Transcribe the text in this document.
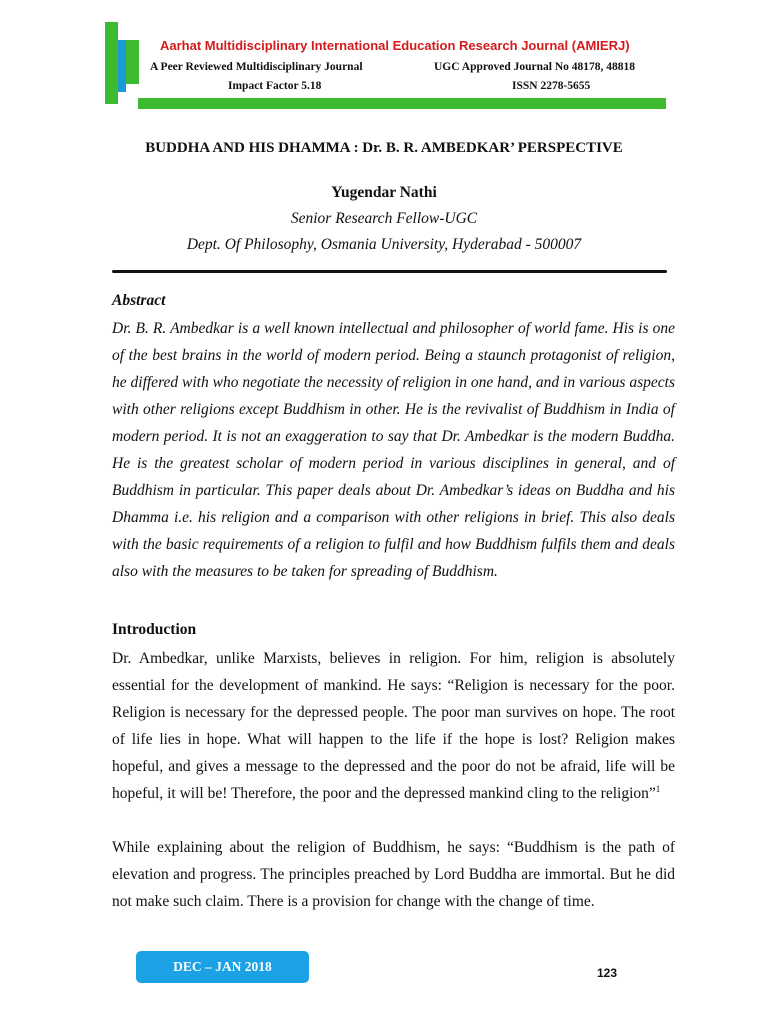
Aarhat Multidisciplinary International Education Research Journal (AMIERJ)
A Peer Reviewed Multidisciplinary Journal	UGC Approved Journal No 48178, 48818
Impact Factor 5.18	ISSN 2278-5655
BUDDHA AND HIS DHAMMA : Dr. B. R. AMBEDKAR’ PERSPECTIVE
Yugendar Nathi
Senior Research Fellow-UGC
Dept. Of Philosophy, Osmania University, Hyderabad - 500007
Abstract
Dr. B. R. Ambedkar is a well known intellectual and philosopher of world fame. His is one of the best brains in the world of modern period. Being a staunch protagonist of religion, he differed with who negotiate the necessity of religion in one hand, and in various aspects with other religions except Buddhism in other. He is the revivalist of Buddhism in India of modern period. It is not an exaggeration to say that Dr. Ambedkar is the modern Buddha. He is the greatest scholar of modern period in various disciplines in general, and of Buddhism in particular. This paper deals about Dr. Ambedkar’s ideas on Buddha and his Dhamma i.e. his religion and a comparison with other religions in brief. This also deals with the basic requirements of a religion to fulfil and how Buddhism fulfils them and deals also with the measures to be taken for spreading of Buddhism.
Introduction
Dr. Ambedkar, unlike Marxists, believes in religion. For him, religion is absolutely essential for the development of mankind. He says: “Religion is necessary for the poor. Religion is necessary for the depressed people. The poor man survives on hope. The root of life lies in hope. What will happen to the life if the hope is lost? Religion makes hopeful, and gives a message to the depressed and the poor do not be afraid, life will be hopeful, it will be! Therefore, the poor and the depressed mankind cling to the religion”$^1$
While explaining about the religion of Buddhism, he says: “Buddhism is the path of elevation and progress. The principles preached by Lord Buddha are immortal. But he did not make such claim. There is a provision for change with the change of time.
DEC – JAN 2018	123
